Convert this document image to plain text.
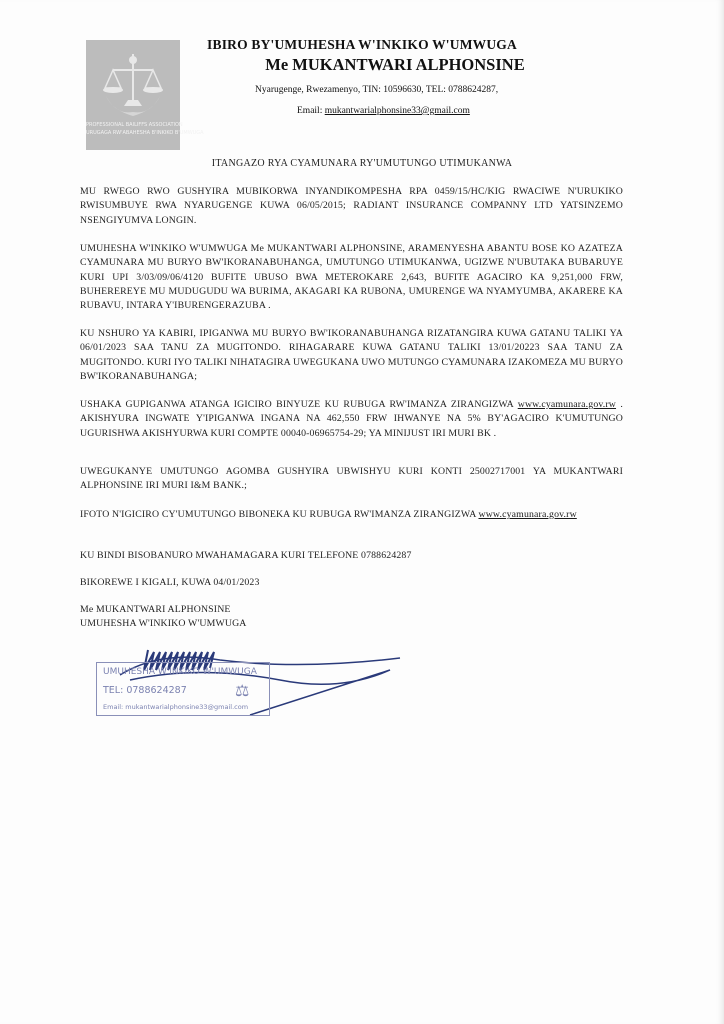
PROFESSIONAL BAILIFFS ASSOCIATION
URUGAGA RW'ABAHESHA B'INKIKO B'UMWUGA
IBIRO BY'UMUHESHA W'INKIKO W'UMWUGA
Me MUKANTWARI ALPHONSINE
Nyarugenge, Rwezamenyo, TIN: 10596630, TEL: 0788624287,
Email: mukantwarialphonsine33@gmail.com
ITANGAZO RYA CYAMUNARA RY'UMUTUNGO UTIMUKANWA

MU RWEGO RWO GUSHYIRA MUBIKORWA INYANDIKOMPESHA RPA 0459/15/HC/KIG RWACIWE N'URUKIKO RWISUMBUYE RWA NYARUGENGE KUWA 06/05/2015; RADIANT INSURANCE COMPANNY LTD YATSINZEMO NSENGIYUMVA LONGIN.

UMUHESHA W'INKIKO W'UMWUGA Me MUKANTWARI ALPHONSINE, ARAMENYESHA ABANTU BOSE KO AZATEZA CYAMUNARA MU BURYO BW'IKORANABUHANGA, UMUTUNGO UTIMUKANWA, UGIZWE N'UBUTAKA BUBARUYE KURI UPI 3/03/09/06/4120 BUFITE UBUSO BWA METEROKARE 2,643, BUFITE AGACIRO KA 9,251,000 FRW, BUHEREREYE MU MUDUGUDU WA BURIMA, AKAGARI KA RUBONA, UMURENGE WA NYAMYUMBA, AKARERE KA RUBAVU, INTARA Y'IBURENGERAZUBA .

KU NSHURO YA KABIRI, IPIGANWA MU BURYO BW'IKORANABUHANGA RIZATANGIRA KUWA GATANU TALIKI YA 06/01/2023 SAA TANU ZA MUGITONDO. RIHAGARARE KUWA GATANU TALIKI 13/01/20223 SAA TANU ZA MUGITONDO. KURI IYO TALIKI NIHATAGIRA UWEGUKANA UWO MUTUNGO CYAMUNARA IZAKOMEZA MU BURYO BW'IKORANABUHANGA;

USHAKA GUPIGANWA ATANGA IGICIRO BINYUZE KU RUBUGA RW'IMANZA ZIRANGIZWA www.cyamunara.gov.rw . AKISHYURA INGWATE Y'IPIGANWA INGANA NA 462,550 FRW IHWANYE NA 5% BY'AGACIRO K'UMUTUNGO UGURISHWA AKISHYURWA KURI COMPTE 00040-06965754-29; YA MINIJUST IRI MURI BK .

UWEGUKANYE UMUTUNGO AGOMBA GUSHYIRA UBWISHYU KURI KONTI 25002717001 YA MUKANTWARI ALPHONSINE IRI MURI I&M BANK.;

IFOTO N'IGICIRO CY'UMUTUNGO BIBONEKA KU RUBUGA RW'IMANZA ZIRANGIZWA www.cyamunara.gov.rw

KU BINDI BISOBANURO MWAHAMAGARA KURI TELEFONE 0788624287

BIKOREWE I KIGALI, KUWA 04/01/2023

Me MUKANTWARI ALPHONSINE

UMUHESHA W'INKIKO W'UMWUGA

UMUHESHA W'INKIKO W'UMWUGA
TEL: 0788624287
Email: mukantwarialphonsine33@gmail.com
⚖
